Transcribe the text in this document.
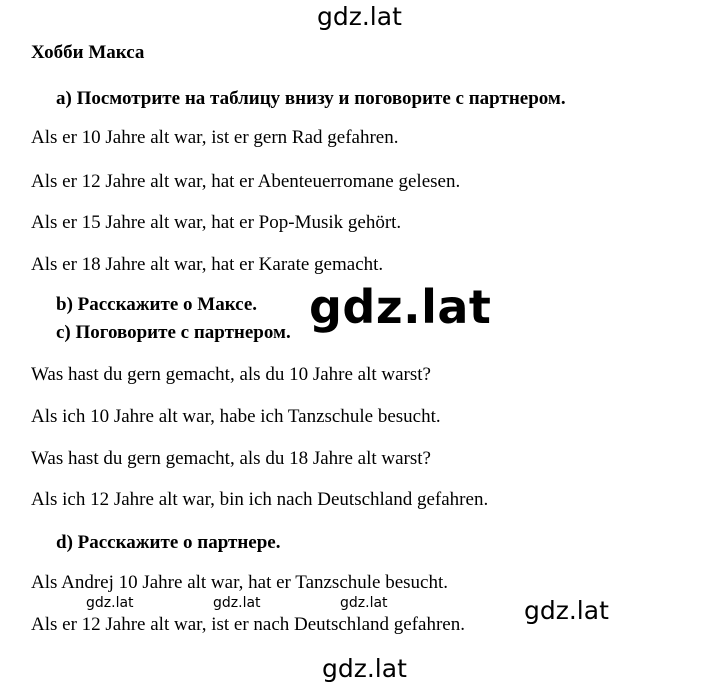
gdz.lat
Хобби Макса
а) Посмотрите на таблицу внизу и поговорите с партнером.
Als er 10 Jahre alt war, ist er gern Rad gefahren.
Als er 12 Jahre alt war, hat er Abenteuerromane gelesen.
Als er 15 Jahre alt war, hat er Pop-Musik gehört.
Als er 18 Jahre alt war, hat er Karate gemacht.
b) Расскажите о Максе.
c) Поговорите с партнером. gdz.lat
Was hast du gern gemacht, als du 10 Jahre alt warst?
Als ich 10 Jahre alt war, habe ich Tanzschule besucht.
Was hast du gern gemacht, als du 18 Jahre alt warst?
Als ich 12 Jahre alt war, bin ich nach Deutschland gefahren.
d) Расскажите о партнере.
Als Andrej 10 Jahre alt war, hat er Tanzschule besucht.
gdz.lat	gdz.lat	gdz.lat	gdz.lat
Als er 12 Jahre alt war, ist er nach Deutschland gefahren.
gdz.lat
